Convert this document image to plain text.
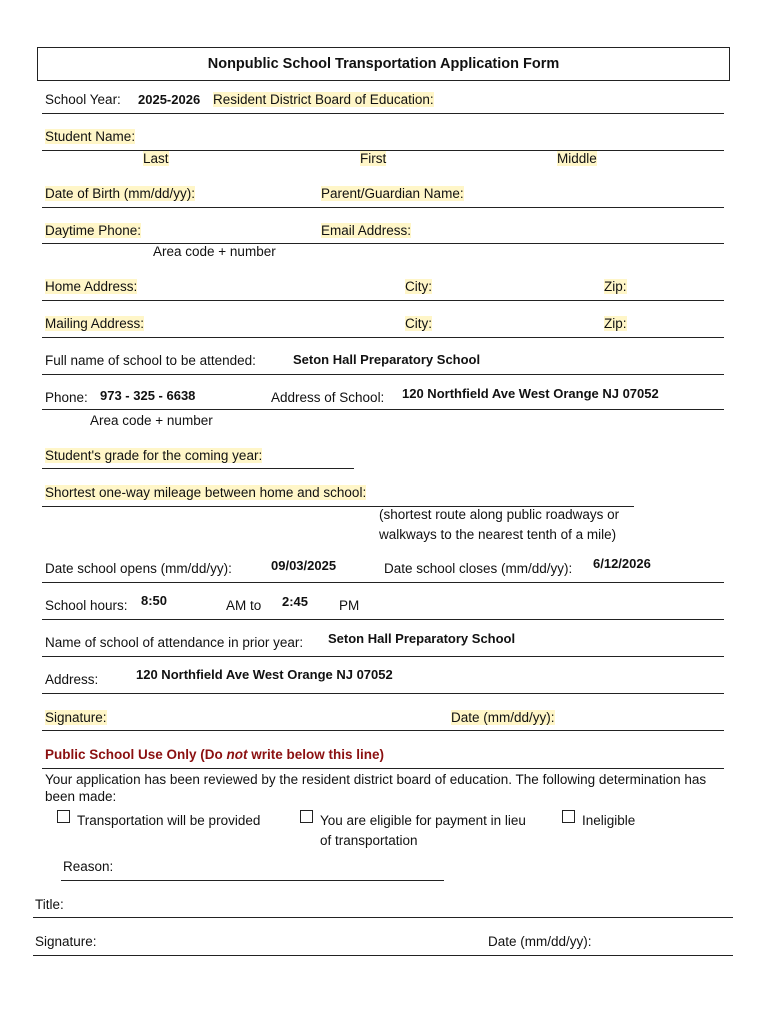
Nonpublic School Transportation Application Form
School Year: 2025-2026 Resident District Board of Education:
Student Name:
Last	First	Middle
Date of Birth (mm/dd/yy):	Parent/Guardian Name:
Daytime Phone:	Email Address:
Area code + number
Home Address:	City:	Zip:
Mailing Address:	City:	Zip:
Full name of school to be attended:	Seton Hall Preparatory School
Phone: 973 - 325 - 6638	Address of School: 120 Northfield Ave West Orange NJ 07052
Area code + number
Student's grade for the coming year:
Shortest one-way mileage between home and school:
(shortest route along public roadways or
walkways to the nearest tenth of a mile)
Date school opens (mm/dd/yy):	09/03/2025	Date school closes (mm/dd/yy): 6/12/2026
School hours: 8:50	AM to 2:45 PM
Name of school of attendance in prior year: Seton Hall Preparatory School
Address:	120 Northfield Ave West Orange NJ 07052
Signature:	Date (mm/dd/yy):
Public School Use Only (Do not write below this line)
Your application has been reviewed by the resident district board of education. The following determination has
been made:
Transportation will be provided	You are eligible for payment in lieu
of transportation
Ineligible
Reason:
Title:
Signature:	Date (mm/dd/yy):
